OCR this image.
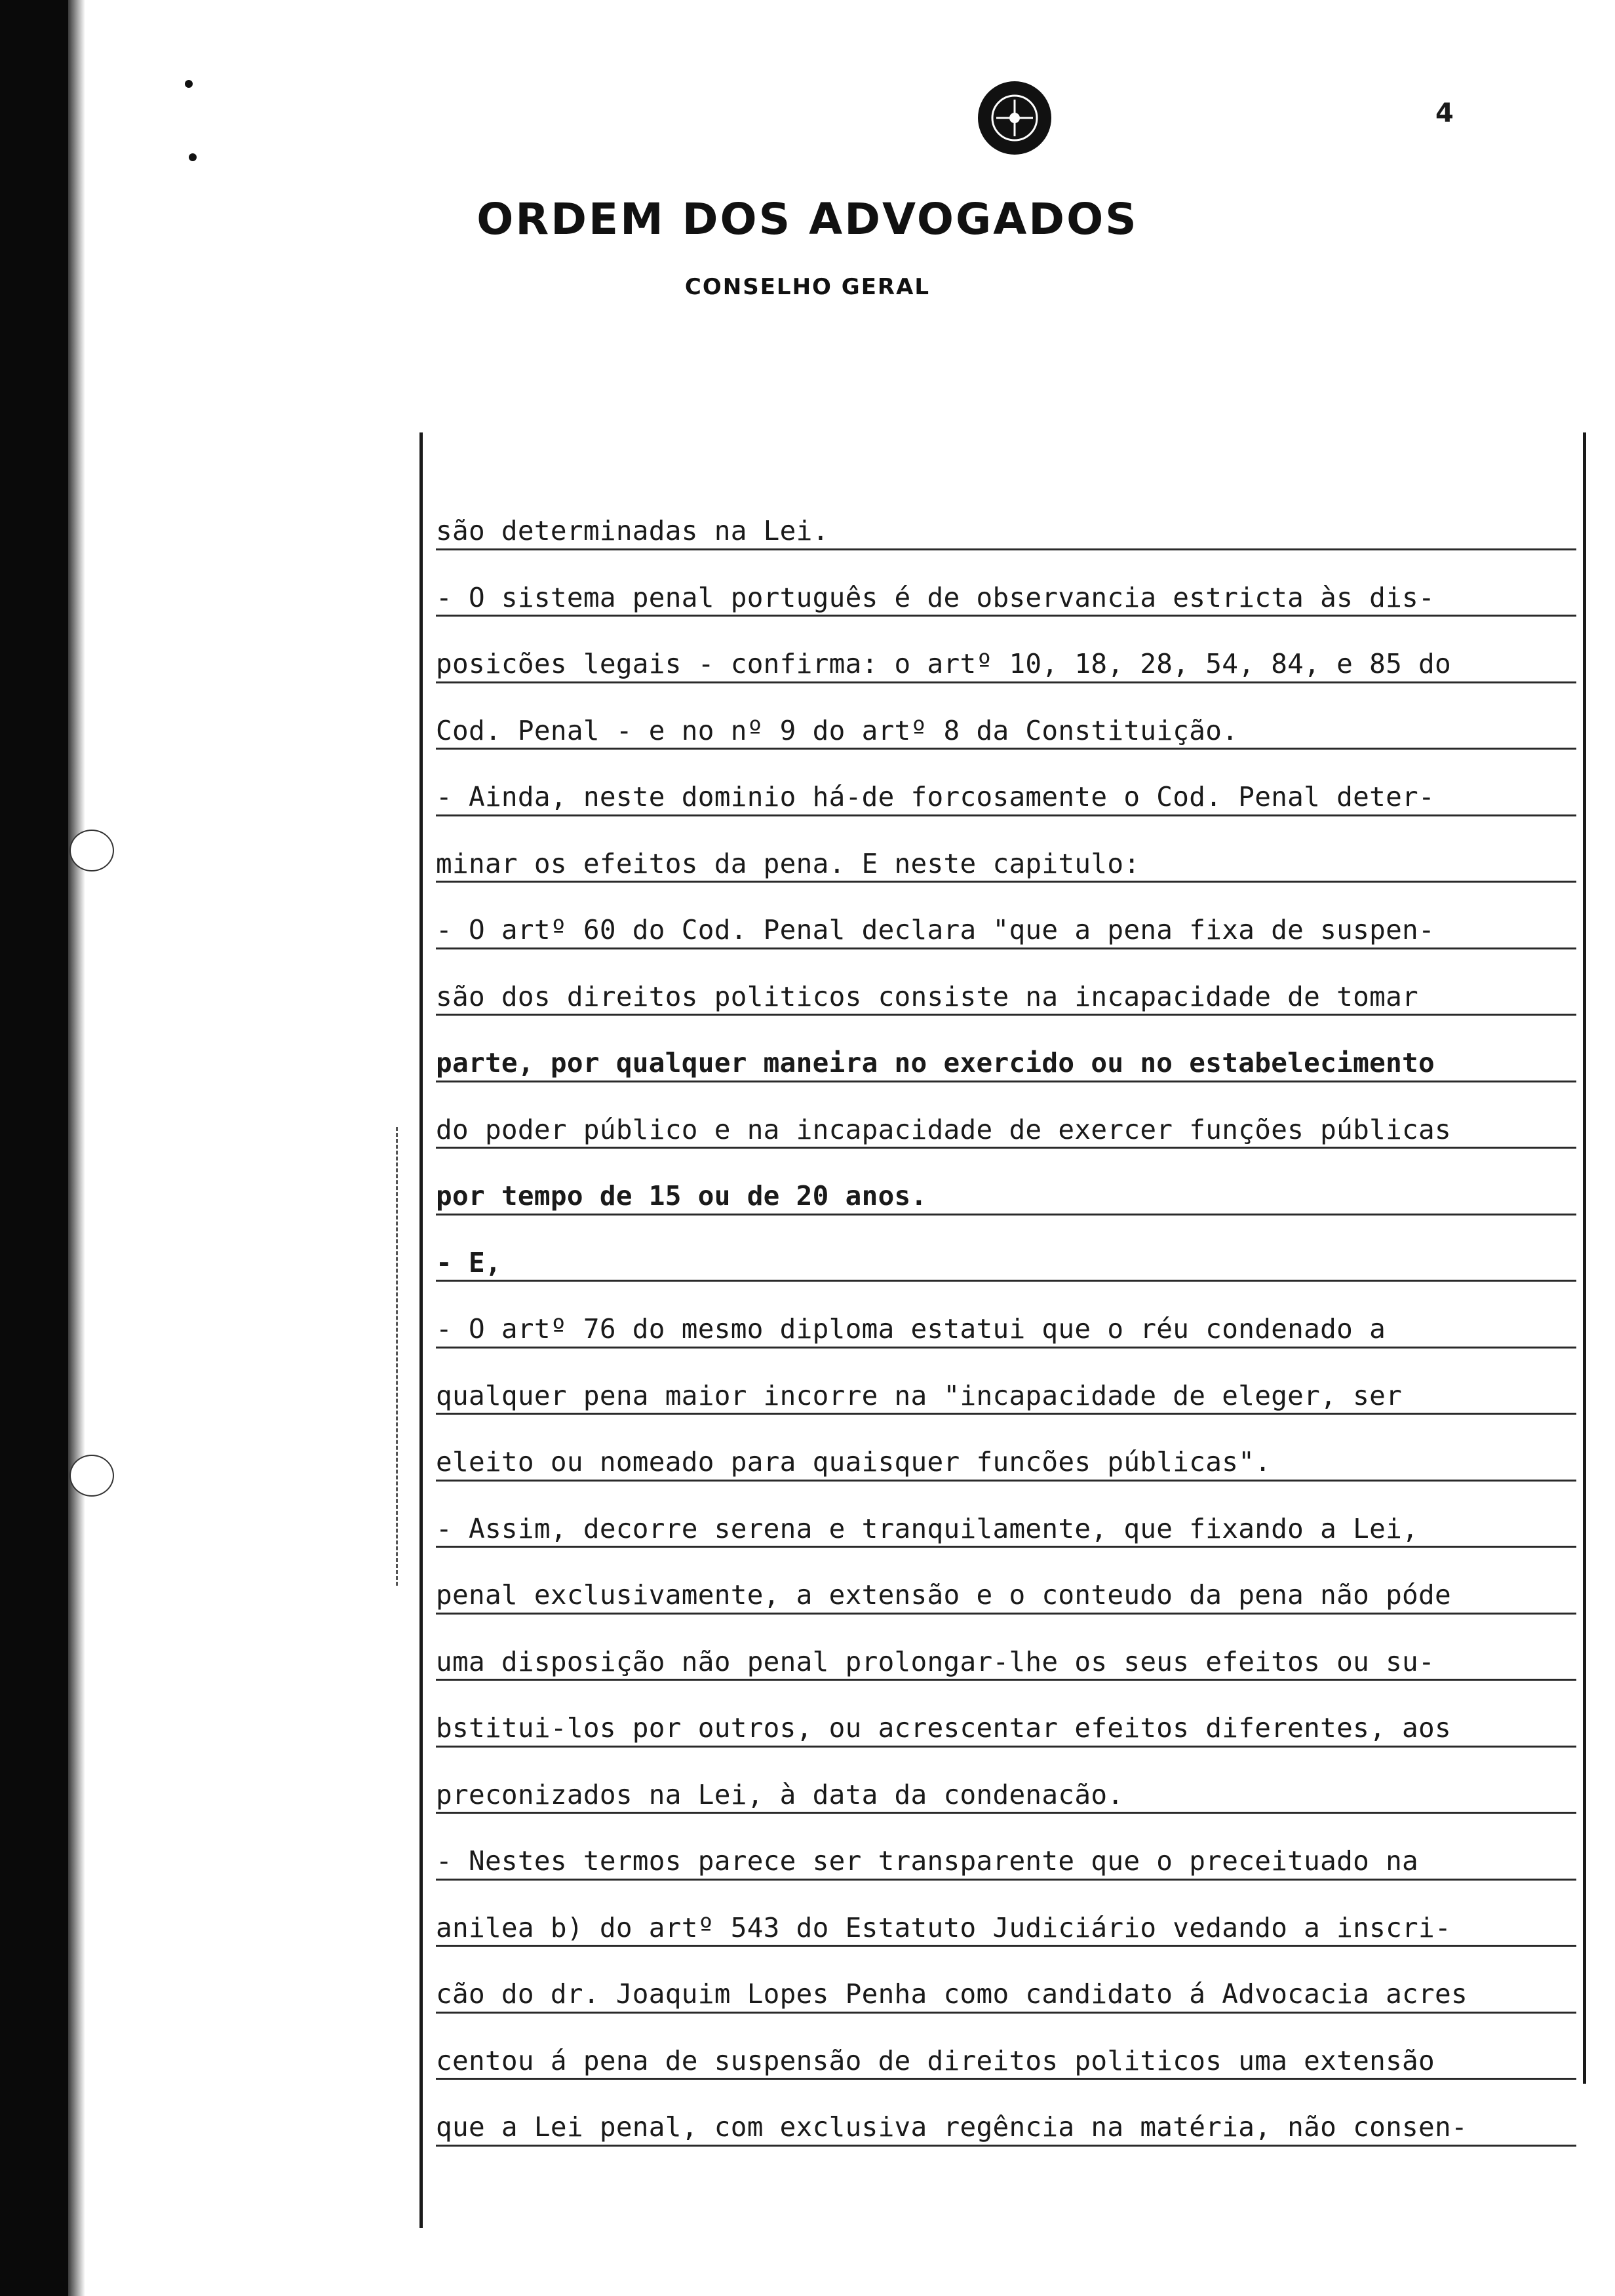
4
ORDEM DOS ADVOGADOS
CONSELHO GERAL
são determinadas na Lei.
- O sistema penal português é de observancia estricta às dis-
posicões legais - confirma: o artº 10, 18, 28, 54, 84, e 85 do
Cod. Penal - e no nº 9 do artº 8 da Constituição.
- Ainda, neste dominio há-de forcosamente o Cod. Penal deter-
minar os efeitos da pena. E neste capitulo:
- O artº 60 do Cod. Penal declara "que a pena fixa de suspen-
são dos direitos politicos consiste na incapacidade de tomar
parte, por qualquer maneira no exercido ou no estabelecimento
do poder público e na incapacidade de exercer funções públicas
por tempo de 15 ou de 20 anos.
- E,
- O artº 76 do mesmo diploma estatui que o réu condenado a
qualquer pena maior incorre na "incapacidade de eleger, ser
eleito ou nomeado para quaisquer funcões públicas".
- Assim, decorre serena e tranquilamente, que fixando a Lei,
penal exclusivamente, a extensão e o conteudo da pena não póde
uma disposição não penal prolongar-lhe os seus efeitos ou su-
bstitui-los por outros, ou acrescentar efeitos diferentes, aos
preconizados na Lei, à data da condenacão.
- Nestes termos parece ser transparente que o preceituado na
anilea b) do artº 543 do Estatuto Judiciário vedando a inscri-
cão do dr. Joaquim Lopes Penha como candidato á Advocacia acres
centou á pena de suspensão de direitos politicos uma extensão
que a Lei penal, com exclusiva regência na matéria, não consen-
